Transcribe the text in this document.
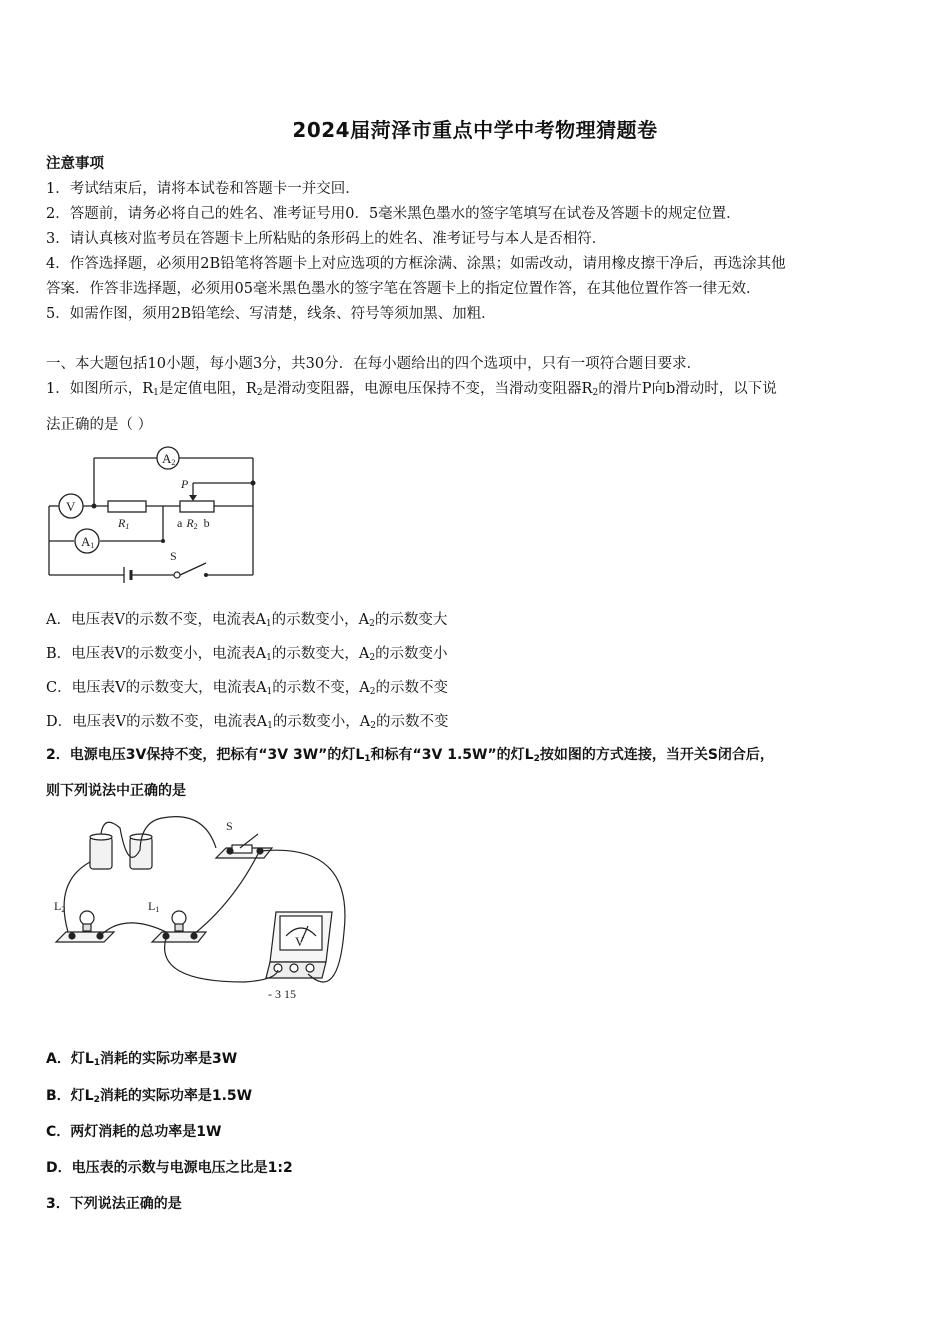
2024届菏泽市重点中学中考物理猜题卷
注意事项
1．考试结束后，请将本试卷和答题卡一并交回．
2．答题前，请务必将自己的姓名、准考证号用0．5毫米黑色墨水的签字笔填写在试卷及答题卡的规定位置．
3．请认真核对监考员在答题卡上所粘贴的条形码上的姓名、准考证号与本人是否相符．
4．作答选择题，必须用2B铅笔将答题卡上对应选项的方框涂满、涂黑；如需改动，请用橡皮擦干净后，再选涂其他
答案．作答非选择题，必须用05毫米黑色墨水的签字笔在答题卡上的指定位置作答，在其他位置作答一律无效．
5．如需作图，须用2B铅笔绘、写清楚，线条、符号等须加黑、加粗．
一、本大题包括10小题，每小题3分，共30分．在每小题给出的四个选项中，只有一项符合题目要求．
1．如图所示，$R_1$是定值电阻，$R_2$是滑动变阻器，电源电压保持不变，当滑动变阻器$R_2$的滑片P向b滑动时，以下说
法正确的是（ ）
A2
V
A1
R1	a R2 b
P
S
A．电压表V的示数不变，电流表$A_1$的示数变小，$A_2$的示数变大
B．电压表V的示数变小，电流表$A_1$的示数变大，$A_2$的示数变小
C．电压表V的示数变大，电流表$A_1$的示数不变，$A_2$的示数不变
D．电压表V的示数不变，电流表$A_1$的示数变小，$A_2$的示数不变
2．电源电压3V保持不变，把标有“3V 3W”的灯$L_1$和标有“3V 1.5W”的灯$L_2$按如图的方式连接，当开关S闭合后，
则下列说法中正确的是
S
L2	L1
V
- 3 15
A．灯$L_1$消耗的实际功率是3W
B．灯$L_2$消耗的实际功率是1.5W
C．两灯消耗的总功率是1W
D．电压表的示数与电源电压之比是1:2
3．下列说法正确的是
